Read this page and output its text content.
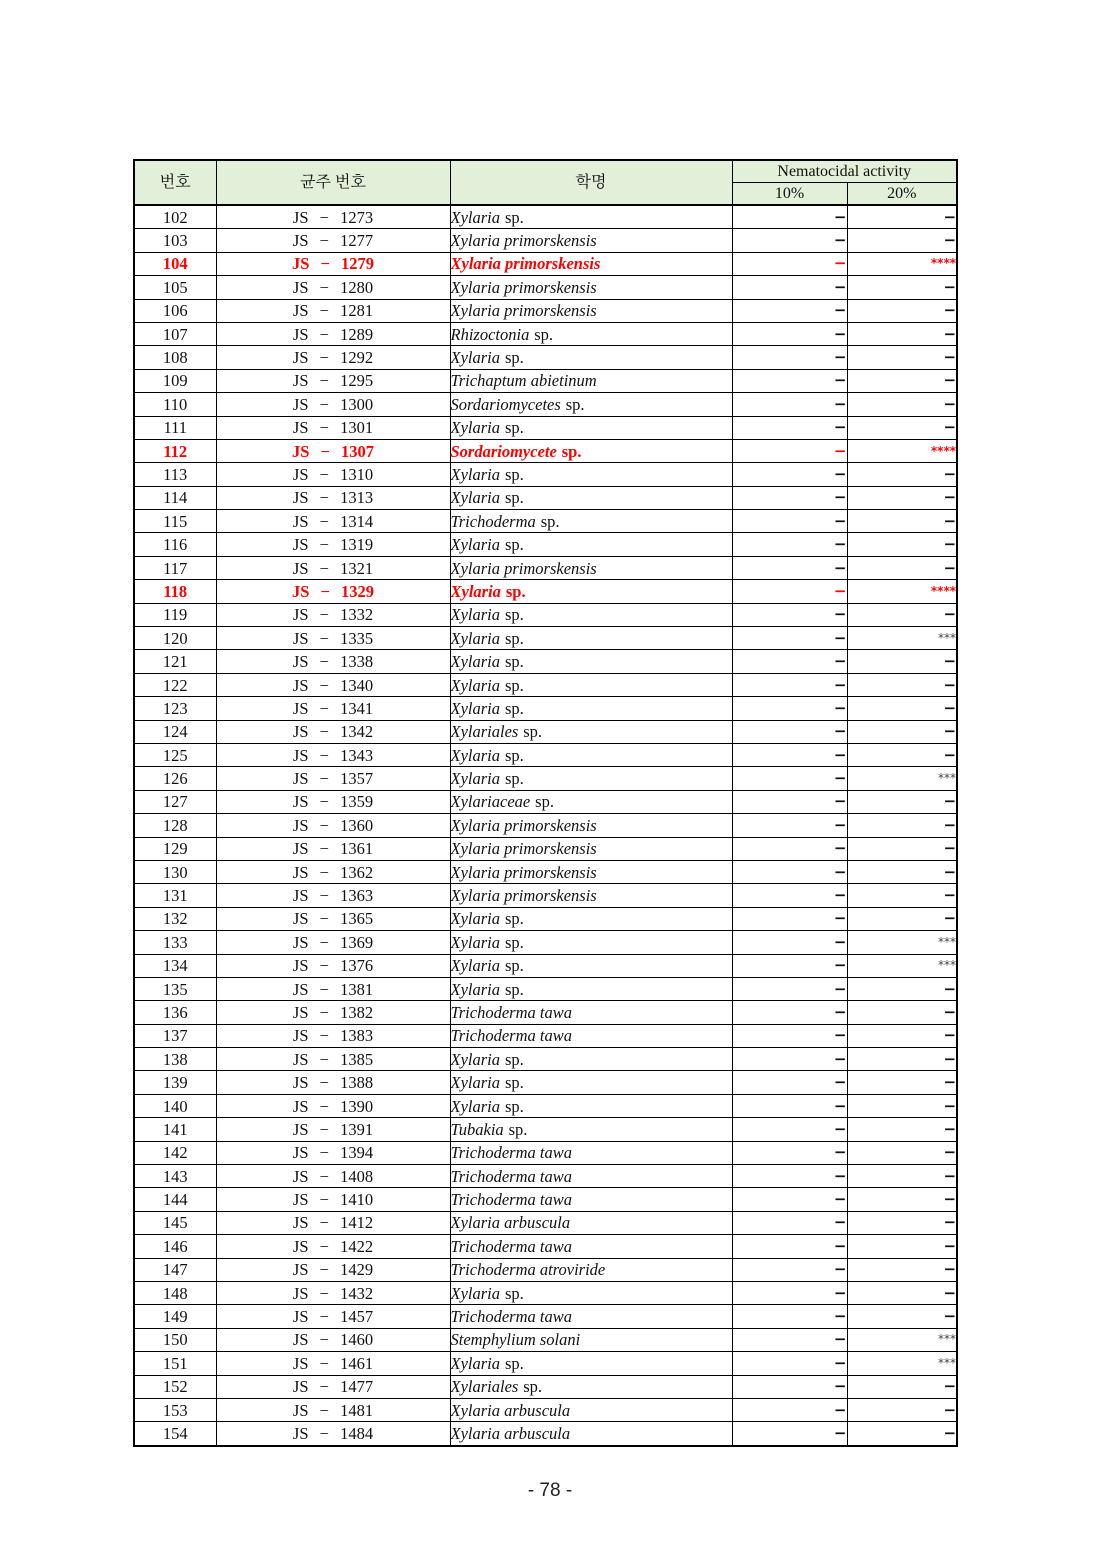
번호	균주 번호	학명	Nematocidal activity	
			10%	20%
102	JS − 1273	Xylaria sp.	−	−
103	JS − 1277	Xylaria primorskensis	−	−
104	JS − 1279	Xylaria primorskensis	−	****
105	JS − 1280	Xylaria primorskensis	−	−
106	JS − 1281	Xylaria primorskensis	−	−
107	JS − 1289	Rhizoctonia sp.	−	−
108	JS − 1292	Xylaria sp.	−	−
109	JS − 1295	Trichaptum abietinum	−	−
110	JS − 1300	Sordariomycetes sp.	−	−
111	JS − 1301	Xylaria sp.	−	−
112	JS − 1307	Sordariomycete sp.	−	****
113	JS − 1310	Xylaria sp.	−	−
114	JS − 1313	Xylaria sp.	−	−
115	JS − 1314	Trichoderma sp.	−	−
116	JS − 1319	Xylaria sp.	−	−
117	JS − 1321	Xylaria primorskensis	−	−
118	JS − 1329	Xylaria sp.	−	****
119	JS − 1332	Xylaria sp.	−	−
120	JS − 1335	Xylaria sp.	−	***
121	JS − 1338	Xylaria sp.	−	−
122	JS − 1340	Xylaria sp.	−	−
123	JS − 1341	Xylaria sp.	−	−
124	JS − 1342	Xylariales sp.	−	−
125	JS − 1343	Xylaria sp.	−	−
126	JS − 1357	Xylaria sp.	−	***
127	JS − 1359	Xylariaceae sp.	−	−
128	JS − 1360	Xylaria primorskensis	−	−
129	JS − 1361	Xylaria primorskensis	−	−
130	JS − 1362	Xylaria primorskensis	−	−
131	JS − 1363	Xylaria primorskensis	−	−
132	JS − 1365	Xylaria sp.	−	−
133	JS − 1369	Xylaria sp.	−	***
134	JS − 1376	Xylaria sp.	−	***
135	JS − 1381	Xylaria sp.	−	−
136	JS − 1382	Trichoderma tawa	−	−
137	JS − 1383	Trichoderma tawa	−	−
138	JS − 1385	Xylaria sp.	−	−
139	JS − 1388	Xylaria sp.	−	−
140	JS − 1390	Xylaria sp.	−	−
141	JS − 1391	Tubakia sp.	−	−
142	JS − 1394	Trichoderma tawa	−	−
143	JS − 1408	Trichoderma tawa	−	−
144	JS − 1410	Trichoderma tawa	−	−
145	JS − 1412	Xylaria arbuscula	−	−
146	JS − 1422	Trichoderma tawa	−	−
147	JS − 1429	Trichoderma atroviride	−	−
148	JS − 1432	Xylaria sp.	−	−
149	JS − 1457	Trichoderma tawa	−	−
150	JS − 1460	Stemphylium solani	−	***
151	JS − 1461	Xylaria sp.	−	***
152	JS − 1477	Xylariales sp.	−	−
153	JS − 1481	Xylaria arbuscula	−	−
154	JS − 1484	Xylaria arbuscula	−	−
- 78 -
